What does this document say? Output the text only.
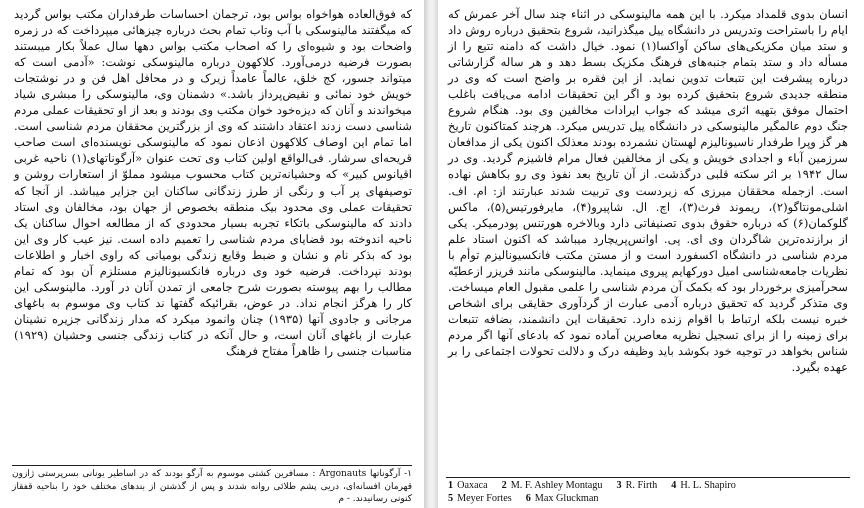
که فوق‌العاده هواخواه بواس بود، ترجمان احساسات طرفداران مکتب بواس گردید که میگفتند مالینوسکی با آب وتاب تمام بحث درباره چیزهائی میپرداخت که در زمره واضحات بود و شیوه‌ای را که اصحاب مکتب بواس دهها سال عملاً بکار میبستند بصورت فرضیه درمی‌آورد. کلاکهون درباره مالینوسکی نوشت: «آدمی است که میتواند جسور، کج خلق، عالماً عامداً زیرک و در محافل اهل فن و در نوشتجات خویش خود نمائی و نقیض‌پرداز باشد.» دشمنان وی، مالینوسکی را مبشری شیاد میخواندند و آنان که دیزه‌خود خوان مکتب وی بودند و بعد از او تحقیقات عملی مردم شناسی دست زدند اعتقاد داشتند که وی از بزرگترین محققان مردم شناسی است. اما تمام این اوصاف کلاکهون اذعان نمود که مالینوسکی نویسنده‌ای است صاحب قریحه‌ای سرشار. فی‌الواقع اولین کتاب وی تحت عنوان «آرگوناتهای(۱) ناحیه غربی اقیانوس کبیر» که وحشیانه‌ترین کتاب محسوب میشود مملوّ از استعارات روشن و توصیفهای پر آب و رنگی از طرز زندگانی ساکنان این جزایر میباشد. از آنجا که تحقیقات عملی وی محدود بیک منطقه بخصوص از جهان بود، مخالفان وی استاد دادند که مالینوسکی باتکاء تجربه بسیار محدودی که از مطالعه احوال ساکنان یک ناحیه اندوخته بود قضایای مردم شناسی را تعمیم داده است. نیز عیب کار وی این بود که بذکر نام و نشان و ضبط وقایع زندگی بومیانی که راوی اخبار و اطلاعات بودند نپرداخت. فرضیه خود وی درباره فانکسیونالیزم مستلزم آن بود که تمام مطالب را بهم پیوسته بصورت شرح جامعی از تمدن آنان در آورد. مالینوسکی این کار را هرگز انجام نداد. در عوض، بقرائیکه گفتها ند کتاب وی موسوم به باغهای مرجانی و جادوی آنها (۱۹۳۵) چنان وانمود میکرد که مدار زندگانی جزیره نشینان عبارت از باغهای آنان است، و حال آنکه در کتاب زندگی جنسی وحشیان (۱۹۲۹) مناسبات جنسی را ظاهراً مفتاح فرهنگ

۱- آرگوناتها Argonauts : مسافرین کشتی موسوم به آرگو بودند که در اساطیر یونانی بسرپرستی ژازون قهرمان افسانه‌ای، دریی پشم طلائی روانه شدند و پس از گذشتن از بندهای مختلف خود را بناحیه قفقاز کنونی رسانیدند. - م

انسان بدوی قلمداد میکرد. با این همه مالینوسکی در اثناء چند سال آخر عمرش که ایام را باستراحت وتدریس در دانشگاه ییل میگذرانید، شروع بتحقیق درباره روش داد و ستد میان مکزیکی‌های ساکن آواکسا(۱) نمود. خیال داشت که دامنه تتبع را از مسأله داد و ستد بتمام جنبه‌های فرهنگ مکزیک بسط دهد و هر ساله گزارشاتی درباره پیشرفت این تتبعات تدوین نماید. از این فقره بر واضح است که وی در منطقه جدیدی شروع بتحقیق کرده بود و اگر این تحقیقات ادامه می‌یافت باغلب احتمال موفق بتهیه اثری میشد که جواب ایرادات مخالفین وی بود. هنگام شروع جنگ دوم عالمگیر مالینوسکی در دانشگاه ییل تدریس میکرد. هرچند کمتاکنون تاریخ هر گز وپرا طرفدار ناسیونالیزم لهستان نشمرده بودند معذلک اکنون یکی از مدافعان سرزمین آباء و اجدادی خویش و یکی از مخالفین فعال مرام فاشیزم گردید. وی در سال ۱۹۴۲ بر اثر سکته قلبی درگذشت. از آن تاریخ بعد نفوذ وی رو بکاهش نهاده است. ازجمله محققان میرزی که زیردست وی تربیت شدند عبارتند از: ام. اف. اشلی‌مونتاگو(۲)، ریموند فرث(۳)، اچ. ال. شاپیرو(۴)، مایرفورتیس(۵)، ماکس گلوکمان(۶) که درباره حقوق بدوی تصنیفاتی دارد وبالاخره هورتنس پودرمیکر. یکی از برازنده‌ترین شاگردان وی ای. پی. اوانس‌پریچارد میباشد که اکنون استاد علم مردم شناسی در دانشگاه اکسفورد است و از مستن مکتب فانکسیونالیزم توأم با نظریات جامعه‌شناسی امیل دورکهایم پیروی مینماید. مالینوسکی مانند فریزر ازعطیّه سحرآمیزی برخوردار بود که بکمک آن مردم شناسی را علمی مقبول العام میساخت. وی متذکر گردید که تحقیق درباره آدمی عبارت از گردآوری حقایقی برای اشخاص خبره نیست بلکه ارتباط با اقوام زنده دارد. تحقیقات این دانشمند، بضافه تتبعات برای زمینه را از برای تسجیل نظریه معاصرین آماده نمود که بادعای آنها اگر مردم شناس بخواهد در توجیه خود بکوشد باید وظیفه درک و دلالت تحولات اجتماعی را بر عهده بگیرد.

1 Oaxaca 2 M. F. Ashley Montagu 3 R. Firth 4 H. L. Shapiro
5 Meyer Fortes 6 Max Gluckman
